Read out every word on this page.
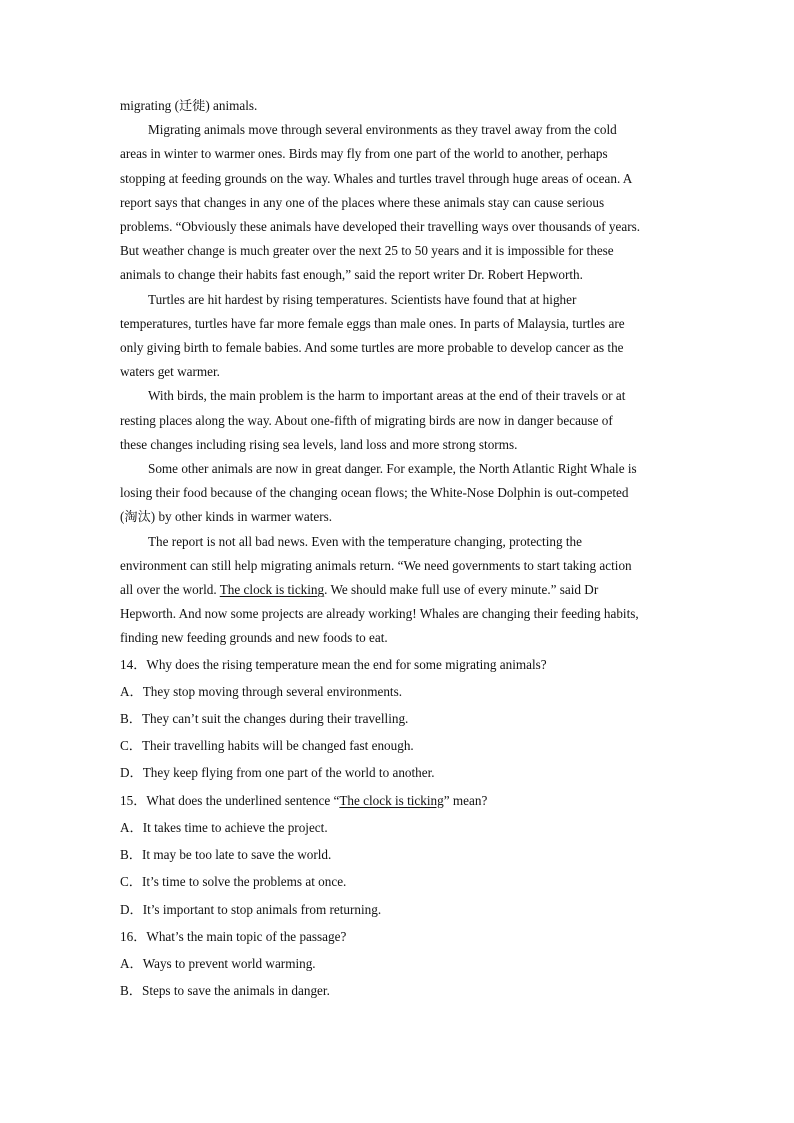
migrating (迁徙) animals.

Migrating animals move through several environments as they travel away from the cold

areas in winter to warmer ones. Birds may fly from one part of the world to another, perhaps

stopping at feeding grounds on the way. Whales and turtles travel through huge areas of ocean. A

report says that changes in any one of the places where these animals stay can cause serious

problems. “Obviously these animals have developed their travelling ways over thousands of years.

But weather change is much greater over the next 25 to 50 years and it is impossible for these

animals to change their habits fast enough,” said the report writer Dr. Robert Hepworth.

Turtles are hit hardest by rising temperatures. Scientists have found that at higher

temperatures, turtles have far more female eggs than male ones. In parts of Malaysia, turtles are

only giving birth to female babies. And some turtles are more probable to develop cancer as the

waters get warmer.

With birds, the main problem is the harm to important areas at the end of their travels or at

resting places along the way. About one-fifth of migrating birds are now in danger because of

these changes including rising sea levels, land loss and more strong storms.

Some other animals are now in great danger. For example, the North Atlantic Right Whale is

losing their food because of the changing ocean flows; the White-Nose Dolphin is out-competed

(淘汰) by other kinds in warmer waters.

The report is not all bad news. Even with the temperature changing, protecting the

environment can still help migrating animals return. “We need governments to start taking action

all over the world. The clock is ticking. We should make full use of every minute.” said Dr

Hepworth. And now some projects are already working! Whales are changing their feeding habits,

finding new feeding grounds and new foods to eat.

14．Why does the rising temperature mean the end for some migrating animals?

A．They stop moving through several environments.

B．They can’t suit the changes during their travelling.

C．Their travelling habits will be changed fast enough.

D．They keep flying from one part of the world to another.

15．What does the underlined sentence “The clock is ticking” mean?

A．It takes time to achieve the project.

B．It may be too late to save the world.

C．It’s time to solve the problems at once.

D．It’s important to stop animals from returning.

16．What’s the main topic of the passage?

A．Ways to prevent world warming.

B．Steps to save the animals in danger.
